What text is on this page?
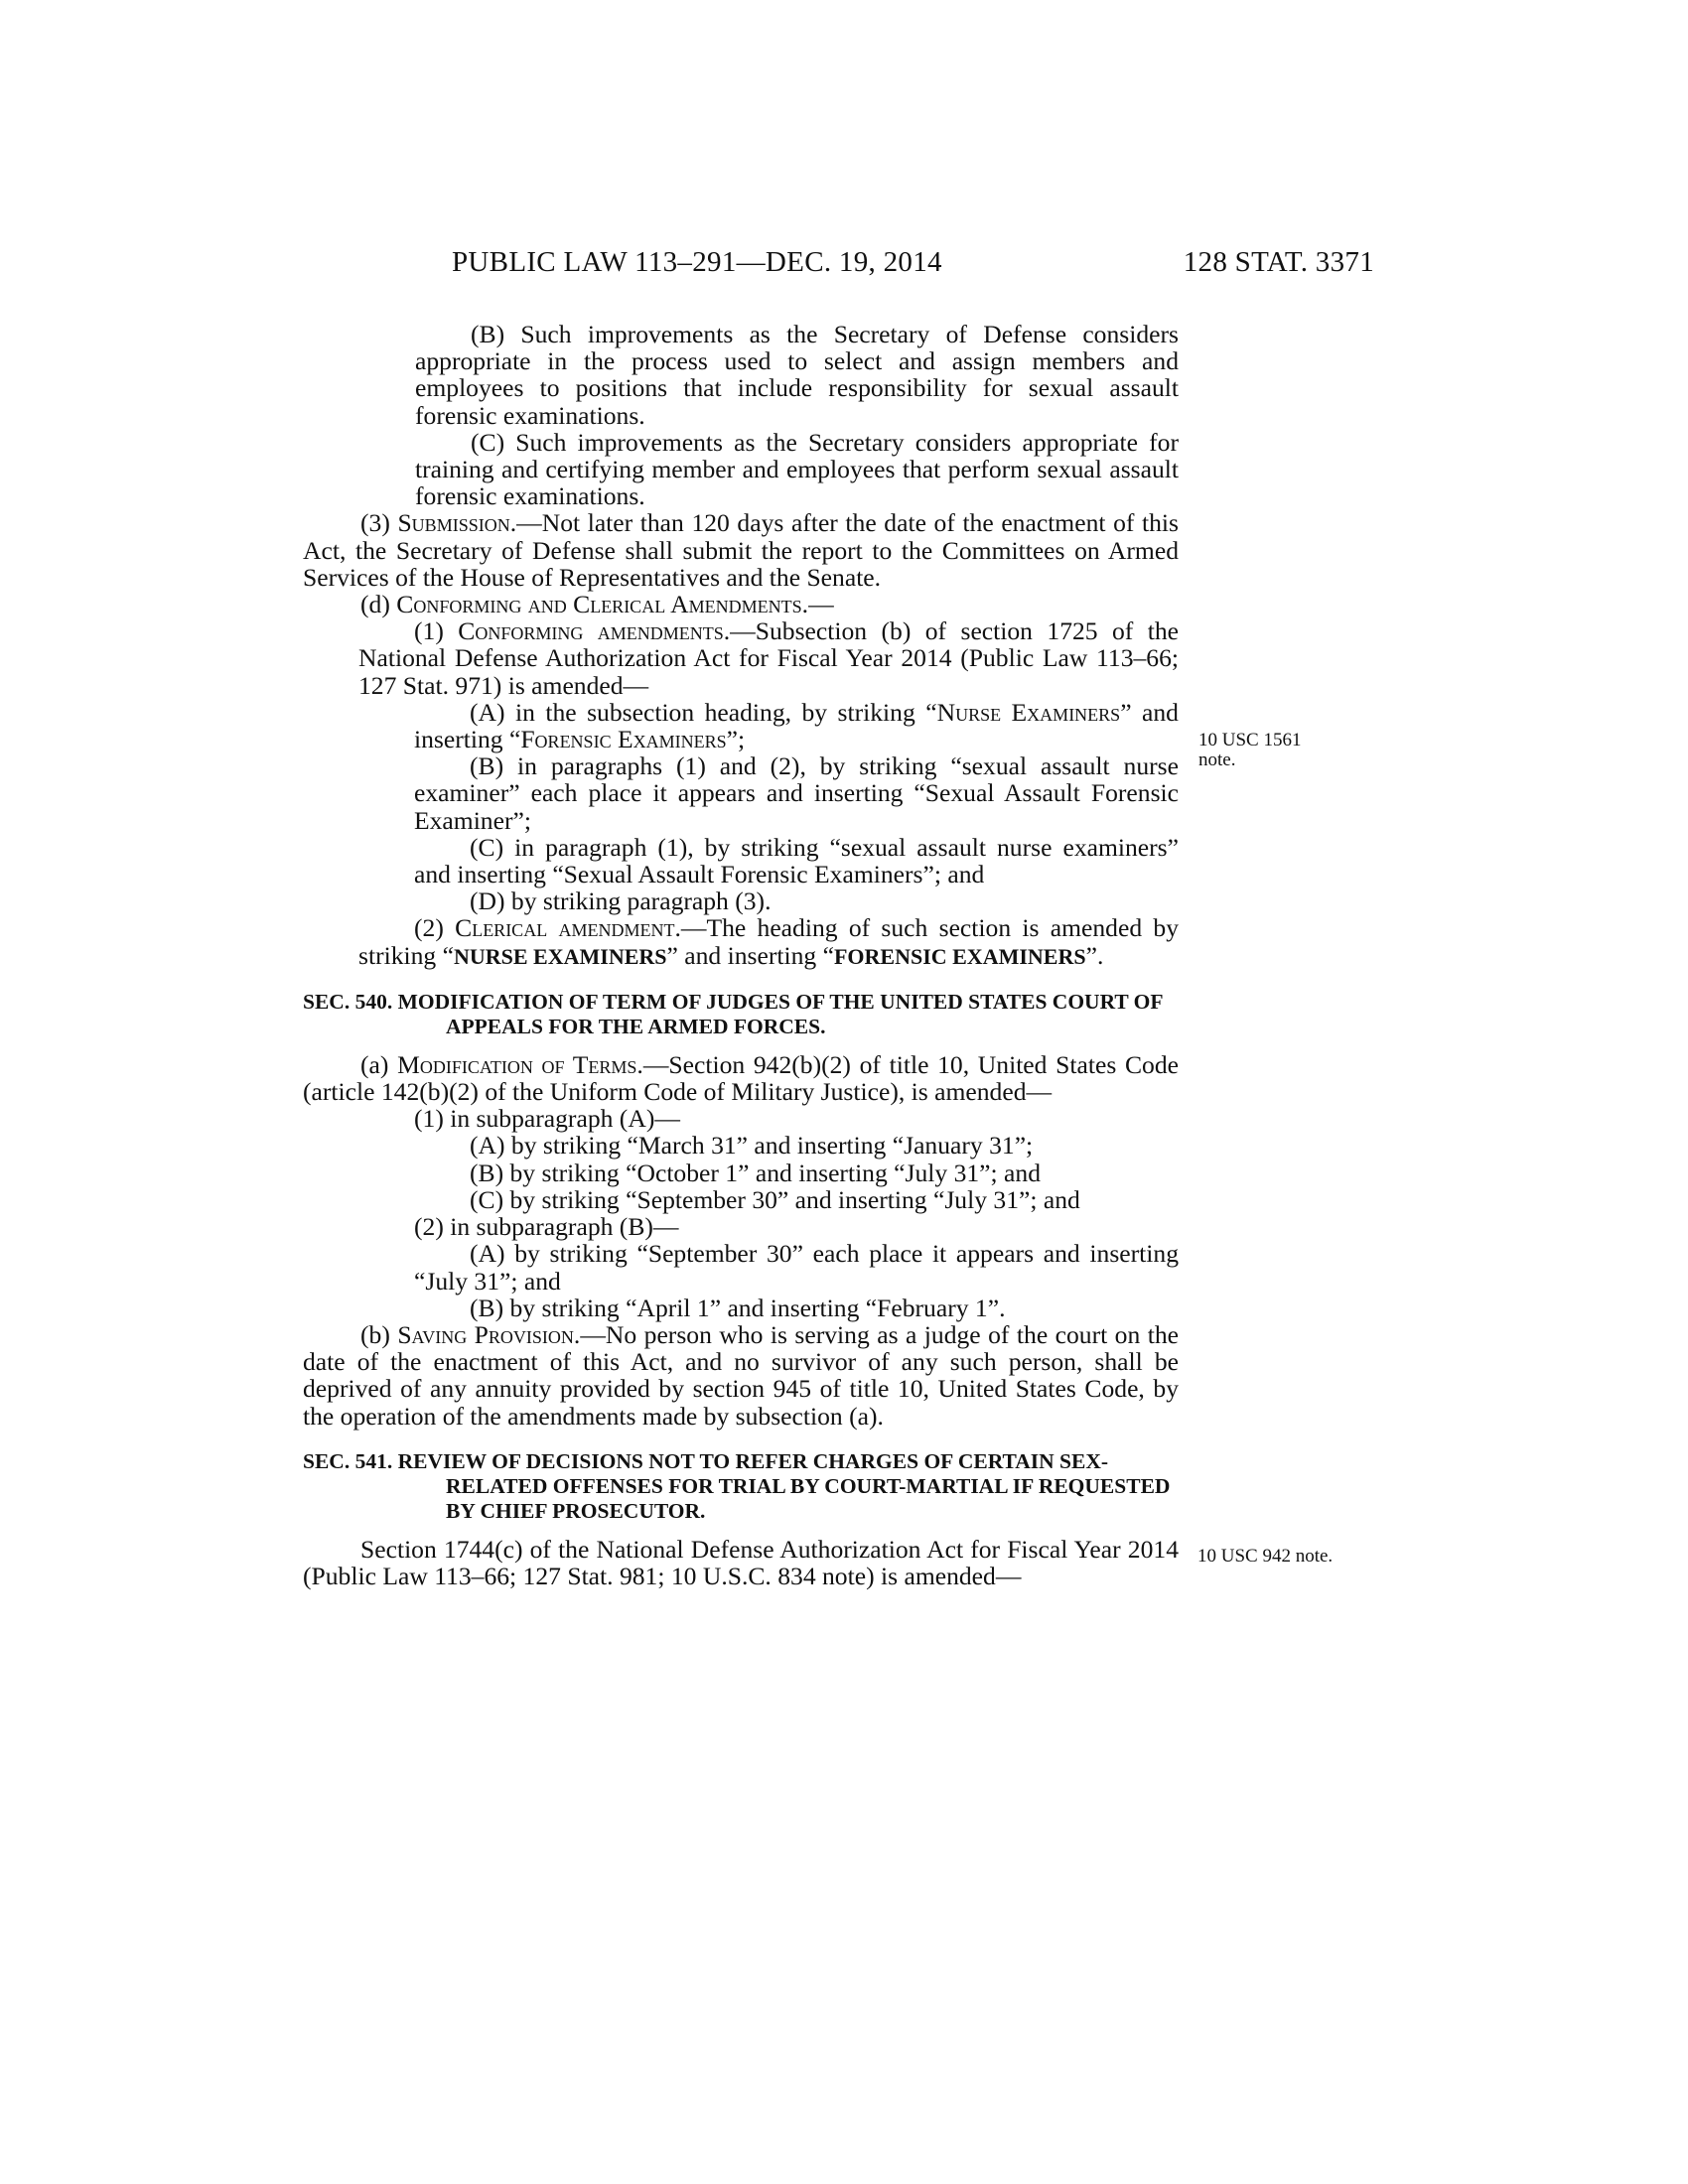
PUBLIC LAW 113–291—DEC. 19, 2014	128 STAT. 3371
10 USC 1561
note.
10 USC 942 note.

(B) Such improvements as the Secretary of Defense considers appropriate in the process used to select and assign members and employees to positions that include responsibility for sexual assault forensic examinations.

(C) Such improvements as the Secretary considers appropriate for training and certifying member and employees that perform sexual assault forensic examinations.

(3) Submission.—Not later than 120 days after the date of the enactment of this Act, the Secretary of Defense shall submit the report to the Committees on Armed Services of the House of Representatives and the Senate.

(d) Conforming and Clerical Amendments.—

(1) Conforming amendments.—Subsection (b) of section 1725 of the National Defense Authorization Act for Fiscal Year 2014 (Public Law 113–66; 127 Stat. 971) is amended—

(A) in the subsection heading, by striking “Nurse Examiners” and inserting “Forensic Examiners”;

(B) in paragraphs (1) and (2), by striking “sexual assault nurse examiner” each place it appears and inserting “Sexual Assault Forensic Examiner”;

(C) in paragraph (1), by striking “sexual assault nurse examiners” and inserting “Sexual Assault Forensic Examiners”; and

(D) by striking paragraph (3).

(2) Clerical amendment.—The heading of such section is amended by striking “NURSE EXAMINERS” and inserting “FORENSIC EXAMINERS”.

SEC. 540. MODIFICATION OF TERM OF JUDGES OF THE UNITED STATES COURT OF APPEALS FOR THE ARMED FORCES.

(a) Modification of Terms.—Section 942(b)(2) of title 10, United States Code (article 142(b)(2) of the Uniform Code of Military Justice), is amended—

(1) in subparagraph (A)—

(A) by striking “March 31” and inserting “January 31”;

(B) by striking “October 1” and inserting “July 31”; and

(C) by striking “September 30” and inserting “July 31”; and

(2) in subparagraph (B)—

(A) by striking “September 30” each place it appears and inserting “July 31”; and

(B) by striking “April 1” and inserting “February 1”.

(b) Saving Provision.—No person who is serving as a judge of the court on the date of the enactment of this Act, and no survivor of any such person, shall be deprived of any annuity provided by section 945 of title 10, United States Code, by the operation of the amendments made by subsection (a).

SEC. 541. REVIEW OF DECISIONS NOT TO REFER CHARGES OF CERTAIN SEX-RELATED OFFENSES FOR TRIAL BY COURT-MARTIAL IF REQUESTED BY CHIEF PROSECUTOR.

Section 1744(c) of the National Defense Authorization Act for Fiscal Year 2014 (Public Law 113–66; 127 Stat. 981; 10 U.S.C. 834 note) is amended—
